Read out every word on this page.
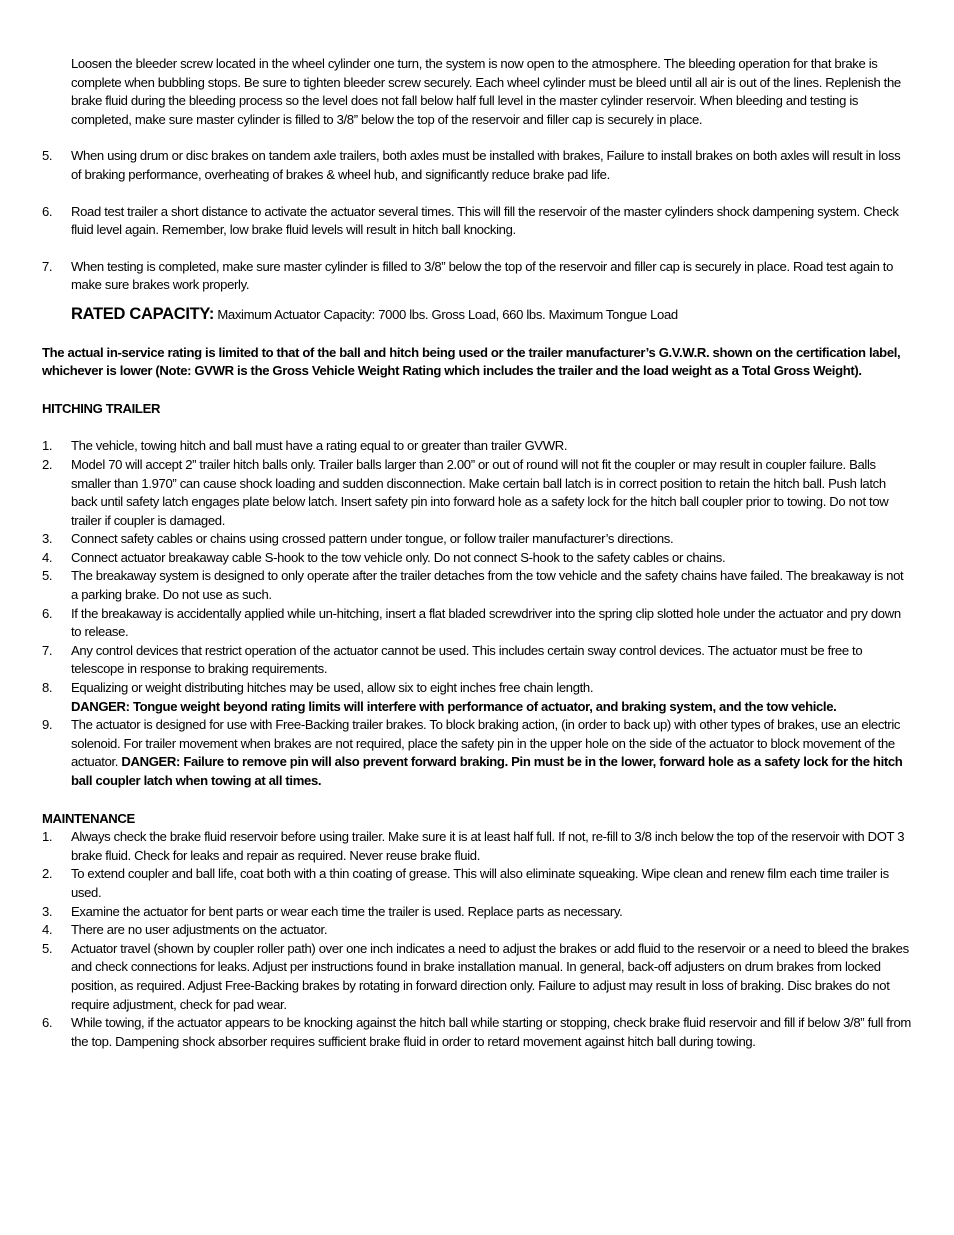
Loosen the bleeder screw located in the wheel cylinder one turn, the system is now open to the atmosphere. The bleeding operation for that brake is complete when bubbling stops. Be sure to tighten bleeder screw securely. Each wheel cylinder must be bleed until all air is out of the lines. Replenish the brake fluid during the bleeding process so the level does not fall below half full level in the master cylinder reservoir. When bleeding and testing is completed, make sure master cylinder is filled to 3/8” below the top of the reservoir and filler cap is securely in place.

5. When using drum or disc brakes on tandem axle trailers, both axles must be installed with brakes, Failure to install brakes on both axles will result in loss of braking performance, overheating of brakes & wheel hub, and significantly reduce brake pad life.
6. Road test trailer a short distance to activate the actuator several times. This will fill the reservoir of the master cylinders shock dampening system. Check fluid level again. Remember, low brake fluid levels will result in hitch ball knocking.
7. When testing is completed, make sure master cylinder is filled to 3/8” below the top of the reservoir and filler cap is securely in place. Road test again to make sure brakes work properly.
RATED CAPACITY: Maximum Actuator Capacity: 7000 lbs. Gross Load, 660 lbs. Maximum Tongue Load

The actual in-service rating is limited to that of the ball and hitch being used or the trailer manufacturer’s G.V.W.R. shown on the certification label, whichever is lower (Note: GVWR is the Gross Vehicle Weight Rating which includes the trailer and the load weight as a Total Gross Weight).

HITCHING TRAILER

1. The vehicle, towing hitch and ball must have a rating equal to or greater than trailer GVWR.
2. Model 70 will accept 2” trailer hitch balls only. Trailer balls larger than 2.00” or out of round will not fit the coupler or may result in coupler failure. Balls smaller than 1.970” can cause shock loading and sudden disconnection. Make certain ball latch is in correct position to retain the hitch ball. Push latch back until safety latch engages plate below latch. Insert safety pin into forward hole as a safety lock for the hitch ball coupler prior to towing. Do not tow trailer if coupler is damaged.
3. Connect safety cables or chains using crossed pattern under tongue, or follow trailer manufacturer’s directions.
4. Connect actuator breakaway cable S-hook to the tow vehicle only. Do not connect S-hook to the safety cables or chains.
5. The breakaway system is designed to only operate after the trailer detaches from the tow vehicle and the safety chains have failed. The breakaway is not a parking brake. Do not use as such.
6. If the breakaway is accidentally applied while un-hitching, insert a flat bladed screwdriver into the spring clip slotted hole under the actuator and pry down to release.
7. Any control devices that restrict operation of the actuator cannot be used. This includes certain sway control devices. The actuator must be free to telescope in response to braking requirements.
8. Equalizing or weight distributing hitches may be used, allow six to eight inches free chain length.
DANGER: Tongue weight beyond rating limits will interfere with performance of actuator, and braking system, and the tow vehicle.
9. The actuator is designed for use with Free-Backing trailer brakes. To block braking action, (in order to back up) with other types of brakes, use an electric solenoid. For trailer movement when brakes are not required, place the safety pin in the upper hole on the side of the actuator to block movement of the actuator. DANGER: Failure to remove pin will also prevent forward braking. Pin must be in the lower, forward hole as a safety lock for the hitch ball coupler latch when towing at all times.

MAINTENANCE

1. Always check the brake fluid reservoir before using trailer. Make sure it is at least half full. If not, re-fill to 3/8 inch below the top of the reservoir with DOT 3 brake fluid. Check for leaks and repair as required. Never reuse brake fluid.
2. To extend coupler and ball life, coat both with a thin coating of grease. This will also eliminate squeaking. Wipe clean and renew film each time trailer is used.
3. Examine the actuator for bent parts or wear each time the trailer is used. Replace parts as necessary.
4. There are no user adjustments on the actuator.
5. Actuator travel (shown by coupler roller path) over one inch indicates a need to adjust the brakes or add fluid to the reservoir or a need to bleed the brakes and check connections for leaks. Adjust per instructions found in brake installation manual. In general, back-off adjusters on drum brakes from locked position, as required. Adjust Free-Backing brakes by rotating in forward direction only. Failure to adjust may result in loss of braking. Disc brakes do not require adjustment, check for pad wear.
6. While towing, if the actuator appears to be knocking against the hitch ball while starting or stopping, check brake fluid reservoir and fill if below 3/8” full from the top. Dampening shock absorber requires sufficient brake fluid in order to retard movement against hitch ball during towing.
